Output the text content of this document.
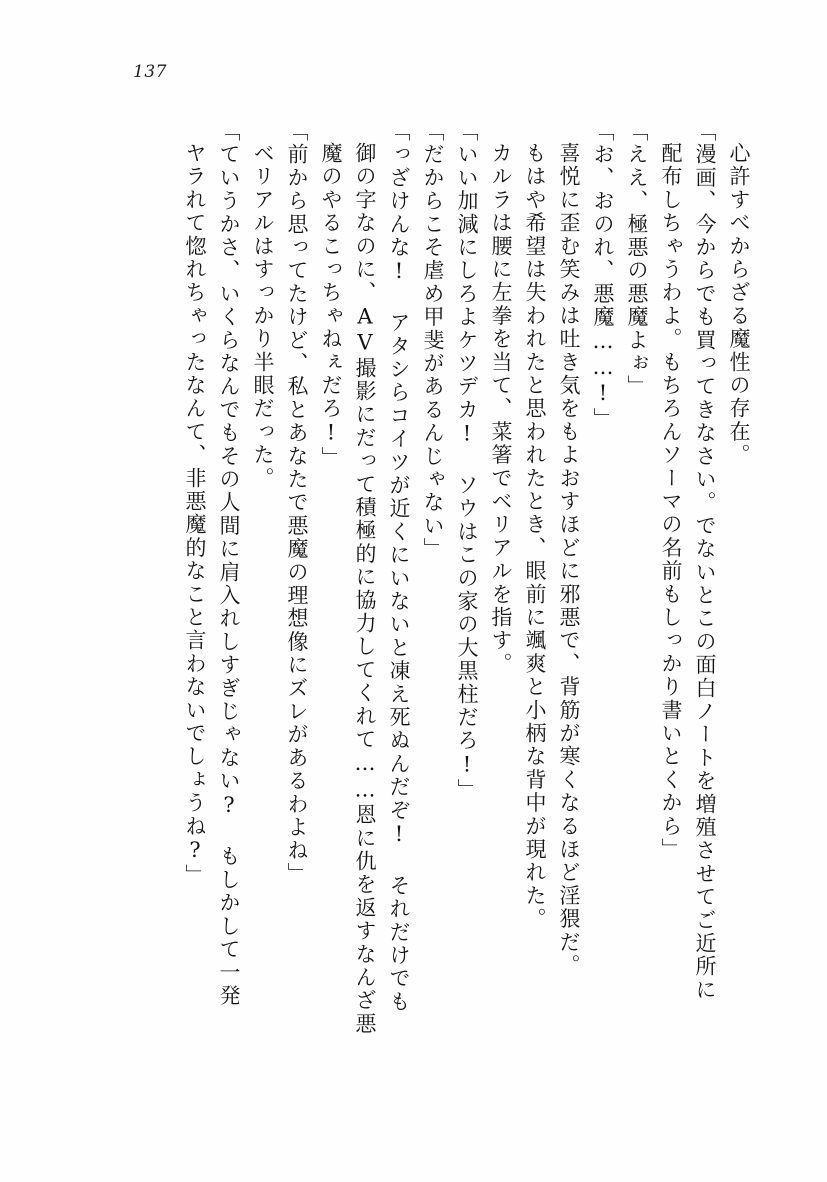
137
心許すべからざる魔性の存在。
「漫画、今からでも買ってきなさい。でないとこの面白ノートを増殖させてご近所に
配布しちゃうわよ。もちろんソーマの名前もしっかり書いとくから」
「ええ、極悪の悪魔よぉ」
「お、おのれ、悪魔……!」
喜悦に歪む笑みは吐き気をもよおすほどに邪悪で、背筋が寒くなるほど淫猥だ。
もはや希望は失われたと思われたとき、眼前に颯爽と小柄な背中が現れた。
カルラは腰に左拳を当て、菜箸でベリアルを指す。
「いい加減にしろよケツデカ! ソウはこの家の大黒柱だろ!」
「だからこそ虐め甲斐があるんじゃない」
「っざけんな! アタシらコイツが近くにいないと凍え死ぬんだぞ! それだけでも
御の字なのに、AV撮影にだって積極的に協力してくれて……恩に仇を返すなんざ悪
魔のやるこっちゃねぇだろ!」
「前から思ってたけど、私とあなたで悪魔の理想像にズレがあるわよね」
ベリアルはすっかり半眼だった。
「ていうかさ、いくらなんでもその人間に肩入れしすぎじゃない? もしかして一発
ヤラれて惚れちゃったなんて、非悪魔的なこと言わないでしょうね?」
